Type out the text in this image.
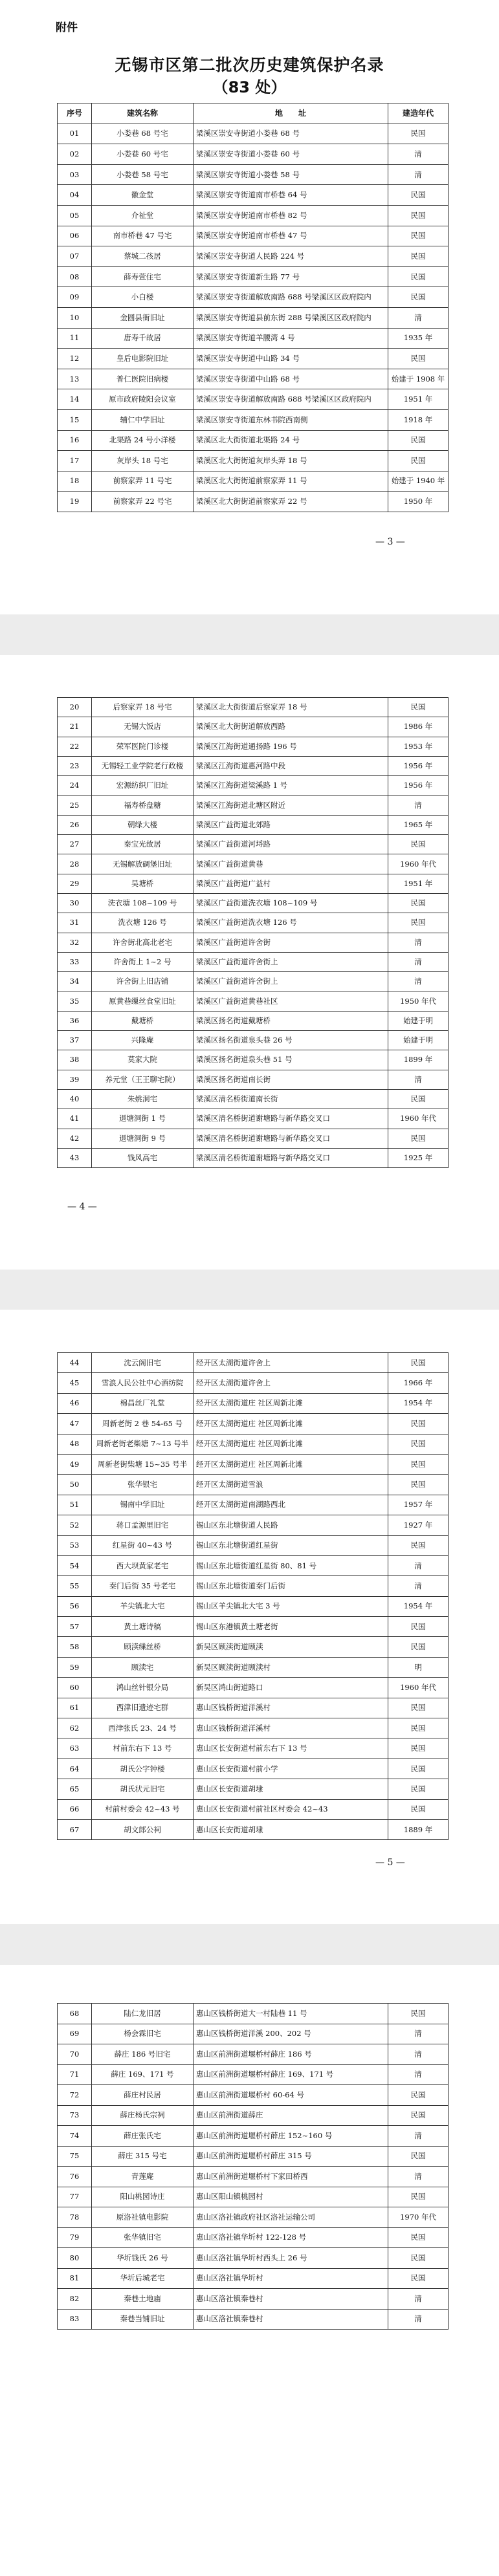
附件
无锡市区第二批次历史建筑保护名录
（83 处）
序号	建筑名称	地　　址	建造年代
01	小娄巷 68 号宅	梁溪区崇安寺街道小娄巷 68 号	民国
02	小娄巷 60 号宅	梁溪区崇安寺街道小娄巷 60 号	清
03	小娄巷 58 号宅	梁溪区崇安寺街道小娄巷 58 号	清
04	徽金堂	梁溪区崇安寺街道南市桥巷 64 号	民国
05	介祉堂	梁溪区崇安寺街道南市桥巷 82 号	民国
06	南市桥巷 47 号宅	梁溪区崇安寺街道南市桥巷 47 号	民国
07	蔡城二孩居	梁溪区崇安寺街道人民路 224 号	民国
08	薛寿萱住宅	梁溪区崇安寺街道新生路 77 号	民国
09	小白楼	梁溪区崇安寺街道解放南路 688 号梁溪区区政府院内	民国
10	金圆县衙旧址	梁溪区崇安寺街道县前东街 288 号梁溪区区政府院内	清
11	唐寿千故居	梁溪区崇安寺街道羊腰湾 4 号	1935 年
12	皇后电影院旧址	梁溪区崇安寺街道中山路 34 号	民国
13	普仁医院旧病楼	梁溪区崇安寺街道中山路 68 号	始建于 1908 年
14	原市政府陵阳会议室	梁溪区崇安寺街道解放南路 688 号梁溪区区政府院内	1951 年
15	辅仁中学旧址	梁溪区崇安寺街道东林书院西南侧	1918 年
16	北渠路 24 号小洋楼	梁溪区北大街街道北渠路 24 号	民国
17	灰岸头 18 号宅	梁溪区北大街街道灰岸头弄 18 号	民国
18	前察家弄 11 号宅	梁溪区北大街街道前察家弄 11 号	始建于 1940 年
19	前察家弄 22 号宅	梁溪区北大街街道前察家弄 22 号	1950 年
— 3 —
20	后察家弄 18 号宅	梁溪区北大街街道后察家弄 18 号	民国
21	无锡大饭店	梁溪区北大街街道解放西路	1986 年
22	荣军医院门诊楼	梁溪区江海街道通扬路 196 号	1953 年
23	无锡轻工业学院老行政楼	梁溪区江海街道惠河路中段	1956 年
24	宏源纺织厂旧址	梁溪区江海街道梁溪路 1 号	1956 年
25	福寿桥盘糖	梁溪区江海街道北塘区附近	清
26	朝绿大楼	梁溪区广益街道北郊路	1965 年
27	秦宝光故居	梁溪区广益街道河埒路	民国
28	无锡解放碉堡旧址	梁溪区广益街道黄巷	1960 年代
29	吴塘桥	梁溪区广益街道广益村	1951 年
30	洗衣塘 108~109 号	梁溪区广益街道洗衣塘 108~109 号	民国
31	洗衣塘 126 号	梁溪区广益街道洗衣塘 126 号	民国
32	许舍街北高北老宅	梁溪区广益街道许舍街	清
33	许舍街上 1~2 号	梁溪区广益街道许舍街上	清
34	许舍街上旧店铺	梁溪区广益街道许舍街上	清
35	原黄巷缫丝食堂旧址	梁溪区广益街道黄巷社区	1950 年代
36	戴塘桥	梁溪区扬名街道戴塘桥	始建于明
37	兴隆庵	梁溪区扬名街道泉头巷 26 号	始建于明
38	莫家大院	梁溪区扬名街道泉头巷 51 号	1899 年
39	养元堂（王王聊宅院）	梁溪区扬名街道南长街	清
40	朱姚洞宅	梁溪区清名桥街道南长街	民国
41	退塘洞街 1 号	梁溪区清名桥街道谢塘路与新华路交叉口	1960 年代
42	退塘洞街 9 号	梁溪区清名桥街道谢塘路与新华路交叉口	民国
43	钱风高宅	梁溪区清名桥街道谢塘路与新华路交叉口	1925 年
— 4 —
44	沈云阁旧宅	经开区太湖街道许舍上	民国
45	雪浪人民公社中心酒纺院	经开区太湖街道许舍上	1966 年
46	棉昌丝厂礼堂	经开区太湖街道庄 社区周新北滩	1954 年
47	周新老街 2 巷 54-65 号	经开区太湖街道庄 社区周新北滩	民国
48	周新老街老柴塘 7~13 号半	经开区太湖街道庄 社区周新北滩	民国
49	周新老街柴塘 15~35 号半	经开区太湖街道庄 社区周新北滩	民国
50	张华银宅	经开区太湖街道雪浪	民国
51	锡南中学旧址	经开区太湖街道南湖路西北	1957 年
52	蒋口孟源里旧宅	锡山区东北塘街道人民路	1927 年
53	红星街 40~43 号	锡山区东北塘街道红星街	民国
54	西大坝黄家老宅	锡山区东北塘街道红星街 80、81 号	清
55	秦门后街 35 号老宅	锡山区东北塘街道秦门后街	清
56	羊尖镇北大宅	锡山区羊尖镇北大宅 3 号	1954 年
57	黄土塘诗稿	锡山区东港镇黄土塘老街	民国
58	顾渎缫丝桥	新吴区顾渎街道顾渎	民国
59	顾渎宅	新吴区顾渎街道顾渎村	明
60	鸿山丝针银分局	新吴区鸿山街道路口	1960 年代
61	西津旧遗迹宅群	惠山区钱桥街道洋溪村	民国
62	西津张氏 23、24 号	惠山区钱桥街道洋溪村	民国
63	村前东右下 13 号	惠山区长安街道村前东右下 13 号	民国
64	胡氏公字钟楼	惠山区长安街道村前小学	民国
65	胡氏状元旧宅	惠山区长安街道胡埭	民国
66	村前村委会 42~43 号	惠山区长安街道村前社区村委会 42~43	民国
67	胡文郎公祠	惠山区长安街道胡埭	1889 年
— 5 —
68	陆仁龙旧居	惠山区钱桥街道大一村陆巷 11 号	民国
69	杨会霖旧宅	惠山区钱桥街道洋溪 200、202 号	清
70	薛庄 186 号旧宅	惠山区前洲街道堰桥村薛庄 186 号	清
71	薛庄 169、171 号	惠山区前洲街道堰桥村薛庄 169、171 号	清
72	薛庄村民居	惠山区前洲街道堰桥村 60-64 号	民国
73	薛庄杨氏宗祠	惠山区前洲街道薛庄	民国
74	薛庄张氏宅	惠山区前洲街道堰桥村薛庄 152~160 号	清
75	薛庄 315 号宅	惠山区前洲街道堰桥村薛庄 315 号	民国
76	青莲庵	惠山区前洲街道堰桥村下家田桥西	清
77	阳山桃园诗庄	惠山区阳山镇桃园村	民国
78	原洛社镇电影院	惠山区洛社镇政府社区洛社运输公司	1970 年代
79	张华镇旧宅	惠山区洛社镇华圻村 122-128 号	民国
80	华圻钱氏 26 号	惠山区洛社镇华圻村西头上 26 号	民国
81	华圻后城老宅	惠山区洛社镇华圻村	民国
82	秦巷土地庙	惠山区洛社镇秦巷村	清
83	秦巷当铺旧址	惠山区洛社镇秦巷村	清
